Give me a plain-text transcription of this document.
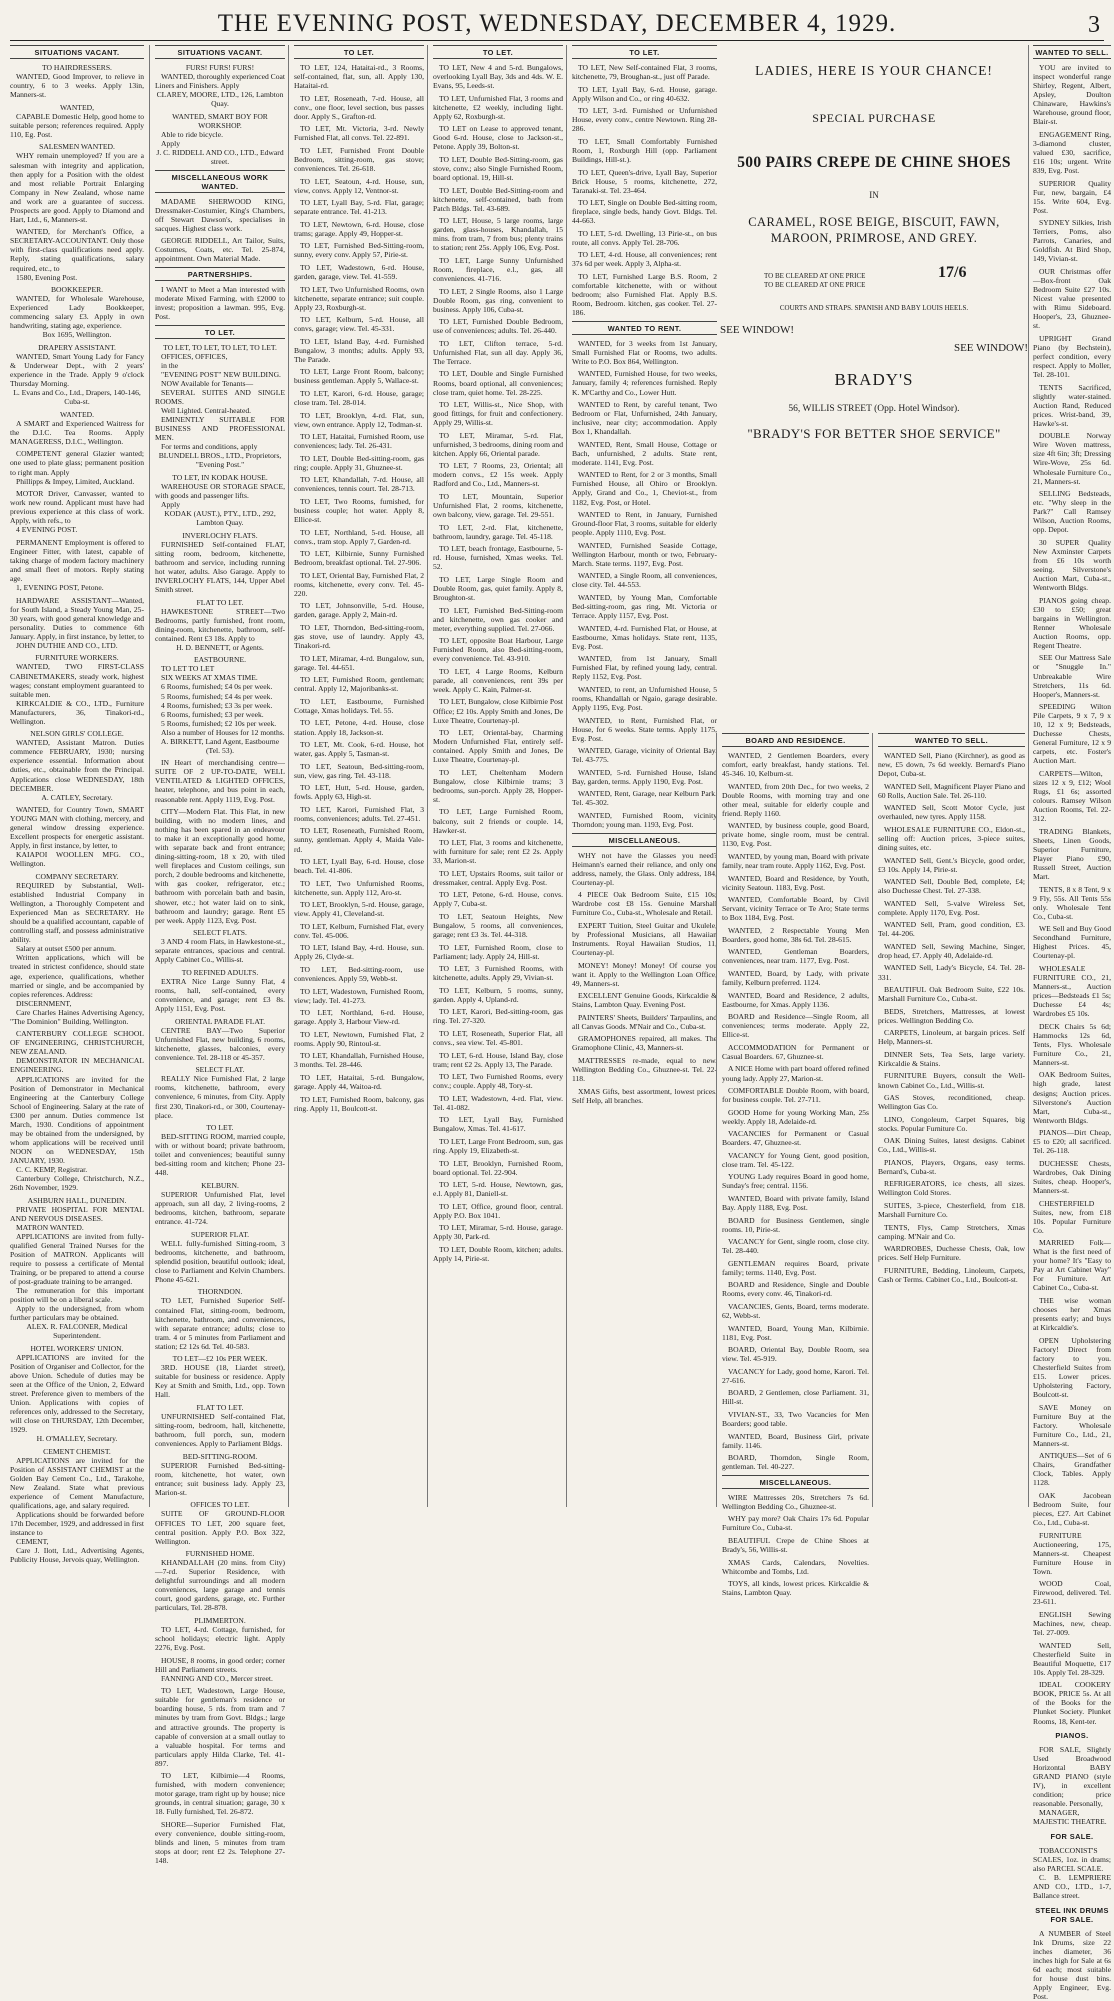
THE EVENING POST, WEDNESDAY, DECEMBER 4, 1929.	3
SITUATIONS VACANT.

TO HAIRDRESSERS.

WANTED, Good Improver, to relieve in country, 6 to 3 weeks. Apply 13in, Manners-st.

WANTED,

CAPABLE Domestic Help, good home to suitable person; references required. Apply 110, Eg. Post.

SALESMEN WANTED.

WHY remain unemployed? If you are a salesman with integrity and application, then apply for a Position with the oldest and most reliable Portrait Enlarging Company in New Zealand, whose name and work are a guarantee of success. Prospects are good. Apply to Diamond and Hart, Ltd., 6, Manners-st.

WANTED, for Merchant's Office, a SECRETARY-ACCOUNTANT. Only those with first-class qualifications need apply. Reply, stating qualifications, salary required, etc., to

1580, Evening Post.

BOOKKEEPER.

WANTED, for Wholesale Warehouse, Experienced Lady Bookkeeper, commencing salary £3. Apply in own handwriting, stating age, experience.

Box 1695, Wellington.

DRAPERY ASSISTANT.

WANTED, Smart Young Lady for Fancy & Underwear Dept., with 2 years' experience in the Trade. Apply 9 o'clock Thursday Morning.

L. Evans and Co., Ltd., Drapers, 140-146, Cuba-st.

WANTED.

A SMART and Experienced Waitress for the D.I.C. Tea Rooms. Apply MANAGERESS, D.I.C., Wellington.

COMPETENT general Glazier wanted; one used to plate glass; permanent position to right man. Apply

Phillipps & Impey, Limited, Auckland.

MOTOR Driver, Canvasser, wanted to work new round. Applicant must have had previous experience at this class of work. Apply, with refs., to

4 EVENING POST.

PERMANENT Employment is offered to Engineer Fitter, with latest, capable of taking charge of modern factory machinery and small fleet of motors. Reply stating age.

1, EVENING POST, Petone.

HARDWARE ASSISTANT—Wanted, for South Island, a Steady Young Man, 25-30 years, with good general knowledge and personality. Duties to commence 6th January. Apply, in first instance, by letter, to

JOHN DUTHIE AND CO., LTD.

FURNITURE WORKERS.

WANTED, TWO FIRST-CLASS CABINETMAKERS, steady work, highest wages; constant employment guaranteed to suitable men.

KIRKCALDIE & CO., LTD., Furniture Manufacturers, 36, Tinakori-rd., Wellington.

NELSON GIRLS' COLLEGE.

WANTED, Assistant Matron. Duties commence FEBRUARY, 1930; nursing experience essential. Information about duties, etc., obtainable from the Principal. Applications close WEDNESDAY, 18th DECEMBER.

A. CATLEY, Secretary.

WANTED, for Country Town, SMART YOUNG MAN with clothing, mercery, and general window dressing experience. Excellent prospects for energetic assistant. Apply, in first instance, by letter, to

KAIAPOI WOOLLEN MFG. CO., Wellington.

COMPANY SECRETARY.

REQUIRED by Substantial, Well-established Industrial Company in Wellington, a Thoroughly Competent and Experienced Man as SECRETARY. He should be a qualified accountant, capable of controlling staff, and possess administrative ability.

Salary at outset £500 per annum.

Written applications, which will be treated in strictest confidence, should state age, experience, qualifications, whether married or single, and be accompanied by copies references. Address:

DISCERNMENT,

Care Charles Haines Advertising Agency, "The Dominion" Building, Wellington.

CANTERBURY COLLEGE SCHOOL OF ENGINEERING, CHRISTCHURCH, NEW ZEALAND.

DEMONSTRATOR IN MECHANICAL ENGINEERING.

APPLICATIONS are invited for the Position of Demonstrator in Mechanical Engineering at the Canterbury College School of Engineering. Salary at the rate of £300 per annum. Duties commence 1st March, 1930. Conditions of appointment may be obtained from the undersigned, by whom applications will be received until NOON on WEDNESDAY, 15th JANUARY, 1930.

C. C. KEMP, Registrar.

Canterbury College, Christchurch, N.Z., 26th November, 1929.

ASHBURN HALL, DUNEDIN.

PRIVATE HOSPITAL FOR MENTAL AND NERVOUS DISEASES.

MATRON WANTED.

APPLICATIONS are invited from fully-qualified General Trained Nurses for the Position of MATRON. Applicants will require to possess a certificate of Mental Training, or be prepared to attend a course of post-graduate training to be arranged.

The remuneration for this important position will be on a liberal scale.

Apply to the undersigned, from whom further particulars may be obtained.

ALEX. R. FALCONER, Medical Superintendent.

HOTEL WORKERS' UNION.

APPLICATIONS are invited for the Position of Organiser and Collector, for the above Union. Schedule of duties may be seen at the Office of the Union, 2, Edward street. Preference given to members of the Union. Applications with copies of references only, addressed to the Secretary, will close on THURSDAY, 12th December, 1929.

H. O'MALLEY, Secretary.

CEMENT CHEMIST.

APPLICATIONS are invited for the Position of ASSISTANT CHEMIST at the Golden Bay Cement Co., Ltd., Tarakohe, New Zealand. State what previous experience of Cement Manufacture, qualifications, age, and salary required.

Applications should be forwarded before 17th December, 1929, and addressed in first instance to

CEMENT,

Care J. Ilott, Ltd., Advertising Agents, Publicity House, Jervois quay, Wellington.

SITUATIONS VACANT.

FURS! FURS! FURS!

WANTED, thoroughly experienced Coat Liners and Finishers. Apply

CLAREY, MOORE, LTD., 126, Lambton Quay.

WANTED, SMART BOY FOR WORKSHOP.

Able to ride bicycle.

Apply

J. C. RIDDELL AND CO., LTD., Edward street.

MISCELLANEOUS WORK WANTED.

MADAME SHERWOOD KING, Dressmaker-Costumier, King's Chambers, off Stewart Dawson's, specialises in sacques. Highest class work.

GEORGE RIDDELL, Art Tailor, Suits, Costumes, Coats, etc. Tel. 25-874, appointment. Own Material Made.

PARTNERSHIPS.

I WANT to Meet a Man interested with moderate Mixed Farming, with £2000 to invest; proposition a lawman. 995, Evg. Post.

TO LET.

TO LET, TO LET, TO LET, TO LET.

OFFICES, OFFICES,

in the

"EVENING POST" NEW BUILDING.

NOW Available for Tenants—

SEVERAL SUITES AND SINGLE ROOMS.

Well Lighted. Central-heated.

EMINENTLY SUITABLE FOR BUSINESS AND PROFESSIONAL MEN.

For terms and conditions, apply

BLUNDELL BROS., LTD., Proprietors, "Evening Post."

TO LET, IN KODAK HOUSE.

WAREHOUSE OR STORAGE SPACE, with goods and passenger lifts.

Apply

KODAK (AUST.), PTY., LTD., 292, Lambton Quay.

INVERLOCHY FLATS.

FURNISHED Self-contained FLAT, sitting room, bedroom, kitchenette, bathroom and service, including running hot water, adults. Also Garage. Apply to INVERLOCHY FLATS, 144, Upper Abel Smith street.

FLAT TO LET.

HAWKESTONE STREET—Two Bedrooms, partly furnished, front room, dining-room, kitchenette, bathroom, self-contained. Rent £3 18s. Apply to

H. D. BENNETT, or Agents.

EASTBOURNE.

TO LET TO LET

SIX WEEKS AT XMAS TIME.

6 Rooms, furnished; £4 0s per week.

5 Rooms, furnished; £4 4s per week.

4 Rooms, furnished; £3 3s per week.

6 Rooms, furnished; £3 per week.

5 Rooms, furnished; £2 10s per week.

Also a number of Houses for 12 months.

A. BIRKETT, Land Agent, Eastbourne (Tel. 53).

IN Heart of merchandising centre—SUITE OF 2 UP-TO-DATE, WELL VENTILATED & LIGHTED OFFICES, heater, telephone, and bus point in each, reasonable rent. Apply 1119, Evg. Post.

CITY—Modern Flat. This Flat, in new building, with no modern lines, and nothing has been spared in an endeavour to make it an exceptionally good home, with separate back and front entrance; dining-sitting-room, 18 x 20, with tiled well fireplaces and Custom ceilings, sun porch, 2 double bedrooms and kitchenette, with gas cooker, refrigerator, etc.; bathroom with porcelain bath and basin, shower, etc.; hot water laid on to sink, bathroom and laundry; garage. Rent £5 per week. Apply 1123, Evg. Post.

SELECT FLATS.

3 AND 4 room Flats, in Hawkestone-st., separate entrances, spacious and central. Apply Cabinet Co., Willis-st.

TO REFINED ADULTS.

EXTRA Nice Large Sunny Flat, 4 rooms, hall, self-contained, every convenience, and garage; rent £3 8s. Apply 1151, Evg. Post.

ORIENTAL PARADE FLAT.

CENTRE BAY—Two Superior Unfurnished Flat, new building, 6 rooms, kitchenette, glasses, balconies, every convenience. Tel. 28-118 or 45-357.

SELECT FLAT.

REALLY Nice Furnished Flat, 2 large rooms, kitchenette, bathroom, every convenience, 6 minutes, from City. Apply first 230, Tinakori-rd., or 300, Courtenay-place.

TO LET.

BED-SITTING ROOM, married couple, with or without board; private bathroom, toilet and conveniences; beautiful sunny bed-sitting room and kitchen; Phone 23-448.

KELBURN.

SUPERIOR Unfurnished Flat, level approach, sun all day, 2 living-rooms, 2 bedrooms, kitchen, bathroom, separate entrance. 41-724.

SUPERIOR FLAT.

WELL fully-furnished Sitting-room, 3 bedrooms, kitchenette, and bathroom, splendid position, beautiful outlook; ideal, close to Parliament and Kelvin Chambers. Phone 45-621.

THORNDON.

TO LET, Furnished Superior Self-contained Flat, sitting-room, bedroom, kitchenette, bathroom, and conveniences, with separate entrance; adults; close to tram. 4 or 5 minutes from Parliament and station; £2 12s 6d. Tel. 40-583.

TO LET—£2 10s PER WEEK.

3RD. HOUSE (18, Liardet street), suitable for business or residence. Apply Key at Smith and Smith, Ltd., opp. Town Hall.

FLAT TO LET.

UNFURNISHED Self-contained Flat, sitting-room, bedroom, hall, kitchenette, bathroom, full porch, sun, modern conveniences. Apply to Parliament Bldgs.

BED-SITTING-ROOM.

SUPERIOR Furnished Bed-sitting-room, kitchenette, hot water, own entrance; suit business lady. Apply 23, Marion-st.

OFFICES TO LET.

SUITE OF GROUND-FLOOR OFFICES TO LET, 200 square feet, central position. Apply P.O. Box 322, Wellington.

FURNISHED HOME.

KHANDALLAH (20 mins. from City)—7-rd. Superior Residence, with delightful surroundings and all modern conveniences, large garage and tennis court, good gardens, garage, etc. Further particulars, Tel. 28-878.

PLIMMERTON.

TO LET, 4-rd. Cottage, furnished, for school holidays; electric light. Apply 2276, Evg. Post.

HOUSE, 8 rooms, in good order; corner Hill and Parliament streets.

FANNING AND CO., Mercer street.

TO LET, Wadestown, Large House, suitable for gentleman's residence or boarding house, 5 rds. from tram and 7 minutes by tram from Govt. Bldgs.; large and attractive grounds. The property is capable of conversion at a small outlay to a valuable hospital. For terms and particulars apply Hilda Clarke, Tel. 41-897.

TO LET, Kilbirnie—4 Rooms, furnished, with modern convenience; motor garage, tram right up by house; nice grounds, in central situation; garage, 30 x 18. Fully furnished, Tel. 26-872.

SHORE—Superior Furnished Flat, every convenience, double sitting-room, blinds and linen, 5 minutes from tram stops at door; rent £2 2s. Telephone 27-148.

TO LET.

TO LET, 124, Hataitai-rd., 3 Rooms, self-contained, flat, sun, all. Apply 130, Hataitai-rd.

TO LET, Roseneath, 7-rd. House, all conv., one floor, level section, bus passes door. Apply S., Grafton-rd.

TO LET, Mt. Victoria, 3-rd. Newly Furnished Flat, all convs. Tel. 22-891.

TO LET, Furnished Front Double Bedroom, sitting-room, gas stove; conveniences. Tel. 26-618.

TO LET, Seatoun, 4-rd. House, sun, view, convs. Apply 12, Ventnor-st.

TO LET, Lyall Bay, 5-rd. Flat, garage; separate entrance. Tel. 41-213.

TO LET, Newtown, 6-rd. House, close trams; garage. Apply 49, Hopper-st.

TO LET, Furnished Bed-Sitting-room, sunny, every conv. Apply 57, Pirie-st.

TO LET, Wadestown, 6-rd. House, garden, garage, view. Tel. 41-559.

TO LET, Two Unfurnished Rooms, own kitchenette, separate entrance; suit couple. Apply 23, Roxburgh-st.

TO LET, Kelburn, 5-rd. House, all convs, garage; view. Tel. 45-331.

TO LET, Island Bay, 4-rd. Furnished Bungalow, 3 months; adults. Apply 93, The Parade.

TO LET, Large Front Room, balcony; business gentleman. Apply 5, Wallace-st.

TO LET, Karori, 6-rd. House, garage; close tram. Tel. 28-014.

TO LET, Brooklyn, 4-rd. Flat, sun, view, own entrance. Apply 12, Todman-st.

TO LET, Hataitai, Furnished Room, use conveniences; lady. Tel. 26-431.

TO LET, Double Bed-sitting-room, gas ring; couple. Apply 31, Ghuznee-st.

TO LET, Khandallah, 7-rd. House, all conveniences, tennis court. Tel. 28-713.

TO LET, Two Rooms, furnished, for business couple; hot water. Apply 8, Ellice-st.

TO LET, Northland, 5-rd. House, all convs., tram stop. Apply 7, Garden-rd.

TO LET, Kilbirnie, Sunny Furnished Bedroom, breakfast optional. Tel. 27-906.

TO LET, Oriental Bay, Furnished Flat, 2 rooms, kitchenette, every conv. Tel. 45-220.

TO LET, Johnsonville, 5-rd. House, garden, garage. Apply 2, Main-rd.

TO LET, Thorndon, Bed-sitting-room, gas stove, use of laundry. Apply 43, Tinakori-rd.

TO LET, Miramar, 4-rd. Bungalow, sun, garage. Tel. 44-651.

TO LET, Furnished Room, gentleman; central. Apply 12, Majoribanks-st.

TO LET, Eastbourne, Furnished Cottage, Xmas holidays. Tel. 55.

TO LET, Petone, 4-rd. House, close station. Apply 18, Jackson-st.

TO LET, Mt. Cook, 6-rd. House, hot water, gas. Apply 5, Tasman-st.

TO LET, Seatoun, Bed-sitting-room, sun, view, gas ring. Tel. 43-118.

TO LET, Hutt, 5-rd. House, garden, fowls. Apply 63, High-st.

TO LET, Karori, Furnished Flat, 3 rooms, conveniences; adults. Tel. 27-451.

TO LET, Roseneath, Furnished Room, sunny, gentleman. Apply 4, Maida Vale-rd.

TO LET, Lyall Bay, 6-rd. House, close beach. Tel. 41-806.

TO LET, Two Unfurnished Rooms, kitchenette, sun. Apply 112, Aro-st.

TO LET, Brooklyn, 5-rd. House, garage, view. Apply 41, Cleveland-st.

TO LET, Kelburn, Furnished Flat, every conv. Tel. 45-006.

TO LET, Island Bay, 4-rd. House, sun. Apply 26, Clyde-st.

TO LET, Bed-sitting-room, use conveniences. Apply 59, Webb-st.

TO LET, Wadestown, Furnished Room, view; lady. Tel. 41-273.

TO LET, Northland, 6-rd. House, garage. Apply 3, Harbour View-rd.

TO LET, Newtown, Furnished Flat, 2 rooms. Apply 90, Rintoul-st.

TO LET, Khandallah, Furnished House, 3 months. Tel. 28-446.

TO LET, Hataitai, 5-rd. Bungalow, garage. Apply 44, Waitoa-rd.

TO LET, Furnished Room, balcony, gas ring. Apply 11, Boulcott-st.

TO LET.

TO LET, New 4 and 5-rd. Bungalows, overlooking Lyall Bay, 3ds and 4ds. W. E. Evans, 95, Leeds-st.

TO LET, Unfurnished Flat, 3 rooms and kitchenette, £2 weekly, including light. Apply 62, Roxburgh-st.

TO LET on Lease to approved tenant, Good 6-rd. House, close to Jackson-st., Petone. Apply 39, Bolton-st.

TO LET, Double Bed-Sitting-room, gas stove, conv.; also Single Furnished Room, board optional. 19, Hill-st.

TO LET, Double Bed-Sitting-room and kitchenette, self-contained, bath from Patch Bldgs. Tel. 43-689.

TO LET, House, 5 large rooms, large garden, glass-houses, Khandallah, 15 mins. from tram, 7 from bus; plenty trains to station; rent 25s. Apply 106, Evg. Post.

TO LET, Large Sunny Unfurnished Room, fireplace, e.l., gas, all conveniences. 41-716.

TO LET, 2 Single Rooms, also 1 Large Double Room, gas ring, convenient to business. Apply 106, Cuba-st.

TO LET, Furnished Double Bedroom, use of conveniences; adults. Tel. 26-440.

TO LET, Clifton terrace, 5-rd. Unfurnished Flat, sun all day. Apply 36, The Terrace.

TO LET, Double and Single Furnished Rooms, board optional, all conveniences; close tram, quiet home. Tel. 28-225.

TO LET, Willis-st., Nice Shop, with good fittings, for fruit and confectionery. Apply 29, Willis-st.

TO LET, Miramar, 5-rd. Flat, unfurnished, 3 bedrooms, dining room and kitchen. Apply 66, Oriental parade.

TO LET, 7 Rooms, 23, Oriental; all modern convs., £2 15s week. Apply Radford and Co., Ltd., Manners-st.

TO LET, Mountain, Superior Unfurnished Flat, 2 rooms, kitchenette, own balcony, view, garage. Tel. 29-551.

TO LET, 2-rd. Flat, kitchenette, bathroom, laundry, garage. Tel. 45-118.

TO LET, beach frontage, Eastbourne, 5-rd. House, furnished, Xmas weeks. Tel. 52.

TO LET, Large Single Room and Double Room, gas, quiet family. Apply 8, Broughton-st.

TO LET, Furnished Bed-Sitting-room and kitchenette, own gas cooker and meter, everything supplied. Tel. 27-066.

TO LET, opposite Boat Harbour, Large Furnished Room, also Bed-sitting-room, every convenience. Tel. 43-910.

TO LET, 4 Large Rooms, Kelburn parade, all conveniences, rent 39s per week. Apply C. Kain, Palmer-st.

TO LET, Bungalow, close Kilbirnie Post Office; £2 10s. Apply Smith and Jones, De Luxe Theatre, Courtenay-pl.

TO LET, Oriental-bay, Charming Modern Unfurnished Flat, entirely self-contained. Apply Smith and Jones, De Luxe Theatre, Courtenay-pl.

TO LET, Cheltenham Modern Bungalow, close Kilbirnie trams; 3 bedrooms, sun-porch. Apply 28, Hopper-st.

TO LET, Large Furnished Room, balcony, suit 2 friends or couple. 14, Hawker-st.

TO LET, Flat, 3 rooms and kitchenette, with furniture for sale; rent £2 2s. Apply 33, Marion-st.

TO LET, Upstairs Rooms, suit tailor or dressmaker, central. Apply Evg. Post.

TO LET, Petone, 6-rd. House, convs. Apply 7, Cuba-st.

TO LET, Seatoun Heights, New Bungalow, 5 rooms, all conveniences, garage; rent £3 3s. Tel. 44-318.

TO LET, Furnished Room, close to Parliament; lady. Apply 24, Hill-st.

TO LET, 3 Furnished Rooms, with kitchenette, adults. Apply 29, Vivian-st.

TO LET, Kelburn, 5 rooms, sunny, garden. Apply 4, Upland-rd.

TO LET, Karori, Bed-sitting-room, gas ring. Tel. 27-320.

TO LET, Roseneath, Superior Flat, all convs., sea view. Tel. 45-801.

TO LET, 6-rd. House, Island Bay, close tram; rent £2 2s. Apply 13, The Parade.

TO LET, Two Furnished Rooms, every conv.; couple. Apply 48, Tory-st.

TO LET, Wadestown, 4-rd. Flat, view. Tel. 41-082.

TO LET, Lyall Bay, Furnished Bungalow, Xmas. Tel. 41-617.

TO LET, Large Front Bedroom, sun, gas ring. Apply 19, Elizabeth-st.

TO LET, Brooklyn, Furnished Room, board optional. Tel. 22-904.

TO LET, 5-rd. House, Newtown, gas, e.l. Apply 81, Daniell-st.

TO LET, Office, ground floor, central. Apply P.O. Box 1041.

TO LET, Miramar, 5-rd. House, garage. Apply 30, Park-rd.

TO LET, Double Room, kitchen; adults. Apply 14, Pirie-st.

TO LET.

TO LET, New Self-contained Flat, 3 rooms, kitchenette, 79, Broughan-st., just off Parade.

TO LET, Lyall Bay, 6-rd. House, garage. Apply Wilson and Co., or ring 40-632.

TO LET, 3-rd. Furnished or Unfurnished House, every conv., centre Newtown. Ring 28-286.

TO LET, Small Comfortably Furnished Room, 1, Roxburgh Hill (opp. Parliament Buildings, Hill-st.).

TO LET, Queen's-drive, Lyall Bay, Superior Brick House, 5 rooms, kitchenette, 272, Taranaki-st. Tel. 23-464.

TO LET, Single on Double Bed-sitting room, fireplace, single beds, handy Govt. Bldgs. Tel. 44-663.

TO LET, 5-rd. Dwelling, 13 Pirie-st., on bus route, all convs. Apply Tel. 28-706.

TO LET, 4-rd. House, all conveniences; rent 37s 6d per week. Apply 3, Alpha-st.

TO LET, Furnished Large B.S. Room, 2 comfortable kitchenette, with or without bedroom; also Furnished Flat. Apply B.S. Room, Bedroom. kitchen, gas cooker. Tel. 27-186.

WANTED TO RENT.

WANTED, for 3 weeks from 1st January, Small Furnished Flat or Rooms, two adults. Write to P.O. Box 864, Wellington.

WANTED, Furnished House, for two weeks, January, family 4; references furnished. Reply K. M'Carthy and Co., Lower Hutt.

WANTED to Rent, by careful tenant, Two Bedroom or Flat, Unfurnished, 24th January, inclusive, near city; accommodation. Apply Box 1, Khandallah.

WANTED, Rent, Small House, Cottage or Bach, unfurnished, 2 adults. State rent, moderate. 1141, Evg. Post.

WANTED to Rent, for 2 or 3 months, Small Furnished House, all Ohiro or Brooklyn. Apply, Grand and Co., 1, Cheviot-st., from 1182, Evg. Post, or Hotel.

WANTED to Rent, in January, Furnished Ground-floor Flat, 3 rooms, suitable for elderly people. Apply 1110, Evg. Post.

WANTED, Furnished Seaside Cottage, Wellington Harbour, month or two, February-March. State terms. 1197, Evg. Post.

WANTED, a Single Room, all conveniences, close city. Tel. 44-553.

WANTED, by Young Man, Comfortable Bed-sitting-room, gas ring, Mt. Victoria or Terrace. Apply 1157, Evg. Post.

WANTED, 4-rd. Furnished Flat, or House, at Eastbourne, Xmas holidays. State rent, 1135, Evg. Post.

WANTED, from 1st January, Small Furnished Flat, by refined young lady, central. Reply 1152, Evg. Post.

WANTED, to rent, an Unfurnished House, 5 rooms, Khandallah or Ngaio, garage desirable. Apply 1195, Evg. Post.

WANTED, to Rent, Furnished Flat, or House, for 6 weeks. State terms. Apply 1175, Evg. Post.

WANTED, Garage, vicinity of Oriental Bay. Tel. 43-775.

WANTED, 5-rd. Furnished House, Island Bay, garden, terms. Apply 1190, Evg. Post.

WANTED, Rent, Garage, near Kelburn Park. Tel. 45-302.

WANTED, Furnished Room, vicinity Thorndon; young man. 1193, Evg. Post.

MISCELLANEOUS.

WHY not have the Glasses you need? Heimann's earned their reliance, and only one address, namely, the Glass. Only address, 184, Courtenay-pl.

4 PIECE Oak Bedroom Suite, £15 10s; Wardrobe cost £8 15s. Genuine Marshall Furniture Co., Cuba-st., Wholesale and Retail.

EXPERT Tuition, Steel Guitar and Ukulele, by Professional Musicians, all Hawaiian Instruments. Royal Hawaiian Studios, 11, Courtenay-pl.

MONEY! Money! Money! Of course you want it. Apply to the Wellington Loan Office, 49, Manners-st.

EXCELLENT Genuine Goods, Kirkcaldie & Stains, Lambton Quay. Evening Post.

PAINTERS' Sheets, Builders' Tarpaulins, and all Canvas Goods. M'Nair and Co., Cuba-st.

GRAMOPHONES repaired, all makes. The Gramophone Clinic, 43, Manners-st.

MATTRESSES re-made, equal to new. Wellington Bedding Co., Ghuznee-st. Tel. 22-118.

XMAS Gifts, best assortment, lowest prices. Self Help, all branches.

LADIES, HERE IS YOUR CHANCE!
SPECIAL PURCHASE
500 PAIRS CREPE DE CHINE SHOES
IN
CARAMEL, ROSE BEIGE, BISCUIT, FAWN,
MAROON, PRIMROSE, AND GREY.
TO BE CLEARED AT ONE PRICE
TO BE CLEARED AT ONE PRICE
17/6
COURTS AND STRAPS. SPANISH AND BABY LOUIS HEELS.
SEE WINDOW!
SEE WINDOW!
BRADY'S
56, WILLIS STREET (Opp. Hotel Windsor).
"BRADY'S FOR BETTER SHOE SERVICE"
BOARD AND RESIDENCE.

WANTED, 2 Gentlemen Boarders, every comfort, early breakfast, handy stations. Tel. 45-346. 10, Kelburn-st.

WANTED, from 20th Dec., for two weeks, 2 Double Rooms, with morning tray and one other meal, suitable for elderly couple and friend. Reply 1160.

WANTED, by business couple, good Board, private home, single room, must be central. 1130, Evg. Post.

WANTED, by young man, Board with private family, near tram route. Apply 1162, Evg. Post.

WANTED, Board and Residence, by Youth, vicinity Seatoun. 1183, Evg. Post.

WANTED, Comfortable Board, by Civil Servant, vicinity Terrace or Te Aro; State terms to Box 1184, Evg. Post.

WANTED, 2 Respectable Young Men Boarders, good home, 38s 6d. Tel. 28-615.

WANTED, Gentleman Boarders, conveniences, near tram. 1177, Evg. Post.

WANTED, Board, by Lady, with private family, Kelburn preferred. 1124.

WANTED, Board and Residence, 2 adults, Eastbourne, for Xmas. Apply 1136.

BOARD and Residence—Single Room, all conveniences; terms moderate. Apply 22, Ellice-st.

ACCOMMODATION for Permanent or Casual Boarders. 67, Ghuznee-st.

A NICE Home with part board offered refined young lady. Apply 27, Marion-st.

COMFORTABLE Double Room, with board, for business couple. Tel. 27-711.

GOOD Home for young Working Man, 25s weekly. Apply 18, Adelaide-rd.

VACANCIES for Permanent or Casual Boarders. 47, Ghuznee-st.

VACANCY for Young Gent, good position, close tram. Tel. 45-122.

YOUNG Lady requires Board in good home, Sunday's free; central. 1156.

WANTED, Board with private family, Island Bay. Apply 1188, Evg. Post.

BOARD for Business Gentlemen, single rooms. 10, Pirie-st.

VACANCY for Gent, single room, close city. Tel. 28-440.

GENTLEMAN requires Board, private family; terms. 1140, Evg. Post.

BOARD and Residence, Single and Double Rooms, every conv. 46, Tinakori-rd.

VACANCIES, Gents, Board, terms moderate. 62, Webb-st.

WANTED, Board, Young Man, Kilbirnie. 1181, Evg. Post.

BOARD, Oriental Bay, Double Room, sea view. Tel. 45-919.

VACANCY for Lady, good home, Karori. Tel. 27-616.

BOARD, 2 Gentlemen, close Parliament. 31, Hill-st.

VIVIAN-ST., 33, Two Vacancies for Men Boarders; good table.

WANTED, Board, Business Girl, private family. 1146.

BOARD, Thorndon, Single Room, gentleman. Tel. 40-227.

MISCELLANEOUS.

WIRE Mattresses 20s, Stretchers 7s 6d. Wellington Bedding Co., Ghuznee-st.

WHY pay more? Oak Chairs 17s 6d. Popular Furniture Co., Cuba-st.

BEAUTIFUL Crepe de Chine Shoes at Brady's, 56, Willis-st.

XMAS Cards, Calendars, Novelties. Whitcombe and Tombs, Ltd.

TOYS, all kinds, lowest prices. Kirkcaldie & Stains, Lambton Quay.

WANTED TO SELL.

WANTED Sell, Piano (Kirchner), as good as new, £5 down, 7s 6d weekly. Bernard's Piano Depot, Cuba-st.

WANTED Sell, Magnificent Player Piano and 60 Rolls, Auction Sale. Tel. 26-110.

WANTED Sell, Scott Motor Cycle, just overhauled, new tyres. Apply 1158.

WHOLESALE FURNITURE CO., Eldon-st., selling off: Auction prices, 3-piece suites, dining suites, etc.

WANTED Sell, Gent.'s Bicycle, good order, £3 10s. Apply 14, Pirie-st.

WANTED Sell, Double Bed, complete, £4; also Duchesse Chest. Tel. 27-338.

WANTED Sell, 5-valve Wireless Set, complete. Apply 1170, Evg. Post.

WANTED Sell, Pram, good condition, £3. Tel. 44-206.

WANTED Sell, Sewing Machine, Singer, drop head, £7. Apply 40, Adelaide-rd.

WANTED Sell, Lady's Bicycle, £4. Tel. 28-331.

BEAUTIFUL Oak Bedroom Suite, £22 10s. Marshall Furniture Co., Cuba-st.

BEDS, Stretchers, Mattresses, at lowest prices. Wellington Bedding Co.

CARPETS, Linoleum, at bargain prices. Self Help, Manners-st.

DINNER Sets, Tea Sets, large variety. Kirkcaldie & Stains.

FURNITURE Buyers, consult the Well-known Cabinet Co., Ltd., Willis-st.

GAS Stoves, reconditioned, cheap. Wellington Gas Co.

LINO, Congoleum, Carpet Squares, big stocks. Popular Furniture Co.

OAK Dining Suites, latest designs. Cabinet Co., Ltd., Willis-st.

PIANOS, Players, Organs, easy terms. Bernard's, Cuba-st.

REFRIGERATORS, ice chests, all sizes. Wellington Cold Stores.

SUITES, 3-piece, Chesterfield, from £18. Marshall Furniture Co.

TENTS, Flys, Camp Stretchers, Xmas camping. M'Nair and Co.

WARDROBES, Duchesse Chests, Oak, low prices. Self Help Furniture.

FURNITURE, Bedding, Linoleum, Carpets, Cash or Terms. Cabinet Co., Ltd., Boulcott-st.

WANTED TO SELL.

YOU are invited to inspect wonderful range Shirley, Regent, Albert, Apsley, Doulton Chinaware, Hawkins's Warehouse, ground floor, Blair-st.

ENGAGEMENT Ring, 3-diamond cluster, valued £30, sacrifice, £16 10s; urgent. Write 839, Evg. Post.

SUPERIOR Quality Fur, new, bargain, £4 15s. Write 604, Evg. Post.

SYDNEY Silkies, Irish Terriers, Poms, also Parrots, Canaries, and Goldfish. At Bird Shop, 149, Vivian-st.

OUR Christmas offer—Box-front Oak Bedroom Suite £27 10s. Nicest value presented with Rimu Sideboard. Hooper's, 23, Ghuznee-st.

UPRIGHT Grand Piano (by Bechstein), perfect condition, every respect. Apply to Moller, Tel. 28-101.

TENTS Sacrificed, slightly water-stained. Auction Rand, Reduced prices. Wrist-band, 39, Hawke's-st.

DOUBLE Norway Wire Woven mattress, size 4ft 6in; 3ft; Dressing Wire-Wove, 25s 6d. Wholesale Furniture Co., 21, Manners-st.

SELLING Bedsteads, etc. "Why sleep in the Park?" Call Ramsey Wilson, Auction Rooms, opp. Depot.

30 SUPER Quality New Axminster Carpets from £6 10s worth seeing. Silverstone's Auction Mart, Cuba-st., Wentworth Bldgs.

PIANOS going cheap. £30 to £50; great bargains in Wellington. Renner Wholesale Auction Rooms, opp. Regent Theatre.

SEE Our Mattress Sale or "Snuggle In." Unbreakable Wire Stretchers, 11s 6d. Hooper's, Manners-st.

SPEEDING Wilton Pile Carpets, 9 x 7, 9 x 10, 12 x 9; Bedsteads, Duchesse Chests, General Furniture, 12 x 9 carpets, etc. Foster's Auction Mart.

CARPETS—Wilton, sizes 12 x 9, £12; Wool Rugs, £1 6s; assorted colours. Ramsey Wilson Auction Rooms, Tel. 22-312.

TRADING Blankets, Sheets, Linen Goods, Superior Furniture, Player Piano £90, Russell Street, Auction Mart.

TENTS, 8 x 8 Tent, 9 x 9 Fly, 55s. All Tents 55s only. Wholesale Tent Co., Cuba-st.

WE Sell and Buy Good Secondhand Furniture, Highest Prices. 45, Courtenay-pl.

WHOLESALE FURNITURE CO., 21, Manners-st., Auction prices—Bedsteads £1 5s; Duchesse £4 4s; Wardrobes £5 10s.

DECK Chairs 5s 6d; Hammocks 12s 6d, Tents, Flys. Wholesale Furniture Co., 21, Manners-st.

OAK Bedroom Suites, high grade, latest designs; Auction prices. Silverstone's Auction Mart, Cuba-st., Wentworth Bldgs.

PIANOS—Dirt Cheap, £5 to £20; all sacrificed. Tel. 26-118.

DUCHESSE Chests, Wardrobes, Oak Dining Suites, cheap. Hooper's, Manners-st.

CHESTERFIELD Suites, new, from £18 10s. Popular Furniture Co.

MARRIED Folk—What is the first need of your home? It's "Easy to Pay at Art Cabinet Way" For Furniture. Art Cabinet Co., Cuba-st.

THE wise woman chooses her Xmas presents early; and buys at Kirkcaldie's.

OPEN Upholstering Factory! Direct from factory to you. Chesterfield Suites from £15. Lower prices. Upholstering Factory, Boulcott-st.

SAVE Money on Furniture Buy at the Factory. Wholesale Furniture Co., Ltd., 21, Manners-st.

ANTIQUES—Set of 6 Chairs, Grandfather Clock, Tables. Apply 1128.

OAK Jacobean Bedroom Suite, four pieces, £27. Art Cabinet Co., Ltd., Cuba-st.

FURNITURE Auctioneering, 175, Manners-st. Cheapest Furniture House in Town.

WOOD Coal, Firewood, delivered. Tel. 23-611.

ENGLISH Sewing Machines, new, cheap. Tel. 27-009.

WANTED Sell, Chesterfield Suite in Beautiful Moquette, £17 10s. Apply Tel. 28-329.

IDEAL COOKERY BOOK, PRICE 5s. At all of the Books for the Plunket Society. Plunket Rooms, 18, Kent-ter.

PIANOS.

FOR SALE, Slightly Used Broadwood Horizontal BABY GRAND PIANO (style IV), in excellent condition; price reasonable. Personally,

MANAGER, MAJESTIC THEATRE.

FOR SALE.

TOBACCONIST'S SCALES, 1oz. in drams; also PARCEL SCALE.

C. B. LEMPRIERE AND CO., LTD., 1-7, Ballance street.

STEEL INK DRUMS FOR SALE.

A NUMBER of Steel Ink Drums, size 22 inches diameter, 36 inches high for Sale at 6s 6d each; most suitable for house dust bins. Apply Engineer, Evg. Post.
